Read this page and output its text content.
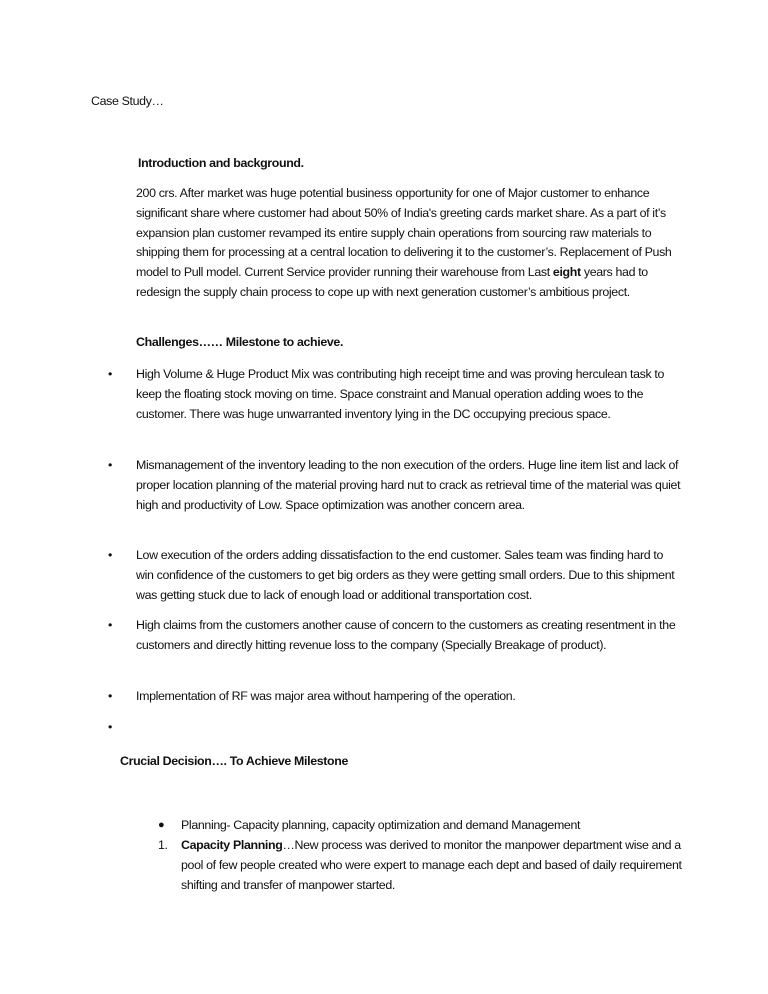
Case Study…
Introduction and background.
200 crs. After market was huge potential business opportunity for one of Major customer to enhance significant share where customer had about 50% of India's greeting cards market share. As a part of it’s expansion plan customer revamped its entire supply chain operations from sourcing raw materials to shipping them for processing at a central location to delivering it to the customer’s. Replacement of Push model to Pull model. Current Service provider running their warehouse from Last eight years had to redesign the supply chain process to cope up with next generation customer’s ambitious project.
Challenges…… Milestone to achieve.
• High Volume & Huge Product Mix was contributing high receipt time and was proving herculean task to keep the floating stock moving on time. Space constraint and Manual operation adding woes to the customer. There was huge unwarranted inventory lying in the DC occupying precious space.
• Mismanagement of the inventory leading to the non execution of the orders. Huge line item list and lack of proper location planning of the material proving hard nut to crack as retrieval time of the material was quiet high and productivity of Low. Space optimization was another concern area.
• Low execution of the orders adding dissatisfaction to the end customer. Sales team was finding hard to win confidence of the customers to get big orders as they were getting small orders. Due to this shipment was getting stuck due to lack of enough load or additional transportation cost.
• High claims from the customers another cause of concern to the customers as creating resentment in the customers and directly hitting revenue loss to the company (Specially Breakage of product).
• Implementation of RF was major area without hampering of the operation.
•
Crucial Decision…. To Achieve Milestone
● Planning- Capacity planning, capacity optimization and demand Management
1. Capacity Planning…New process was derived to monitor the manpower department wise and a pool of few people created who were expert to manage each dept and based of daily requirement shifting and transfer of manpower started.
